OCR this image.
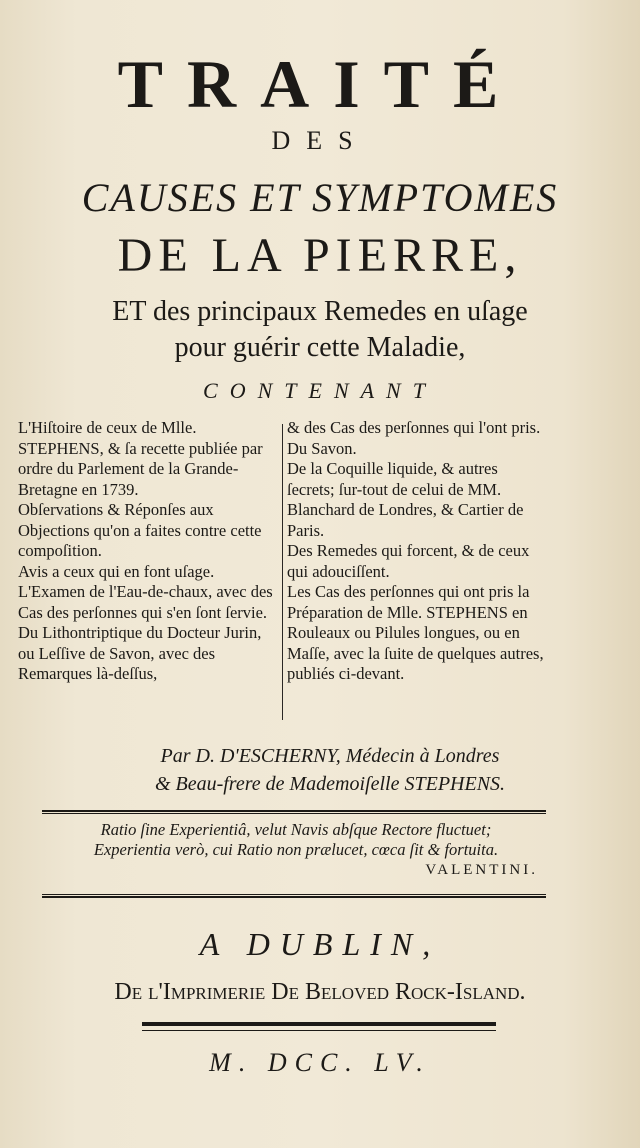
TRAITÉ
DES
CAUSES ET SYMPTOMES
DE LA PIERRE,
ET des principaux Remedes en uſage
pour guérir cette Maladie,
CONTENANT
L'Hiſtoire de ceux de Mlle. STEPHENS, & ſa recette publiée par ordre du Parlement de la Grande-Bretagne en 1739.
Obſervations & Réponſes aux Objections qu'on a faites contre cette compoſition.
Avis a ceux qui en font uſage.
L'Examen de l'Eau-de-chaux, avec des Cas des perſonnes qui s'en ſont ſervie.
Du Lithontriptique du Docteur Jurin, ou Leſſive de Savon, avec des Remarques là-deſſus,
& des Cas des perſonnes qui l'ont pris.
Du Savon.
De la Coquille liquide, & autres ſecrets; ſur-tout de celui de MM. Blanchard de Londres, & Cartier de Paris.
Des Remedes qui forcent, & de ceux qui adouciſſent.
Les Cas des perſonnes qui ont pris la Préparation de Mlle. STEPHENS en Rouleaux ou Pilules longues, ou en Maſſe, avec la ſuite de quelques autres, publiés ci-devant.
Par D. D'ESCHERNY, Médecin à Londres
& Beau-frere de Mademoiſelle STEPHENS.
Ratio ſine Experientiâ, velut Navis abſque Rectore fluctuet;
Experientia verò, cui Ratio non prælucet, cœca ſit & fortuita.
VALENTINI.
A DUBLIN,
De l'Imprimerie De Beloved Rock-Island.
M. DCC. LV.
